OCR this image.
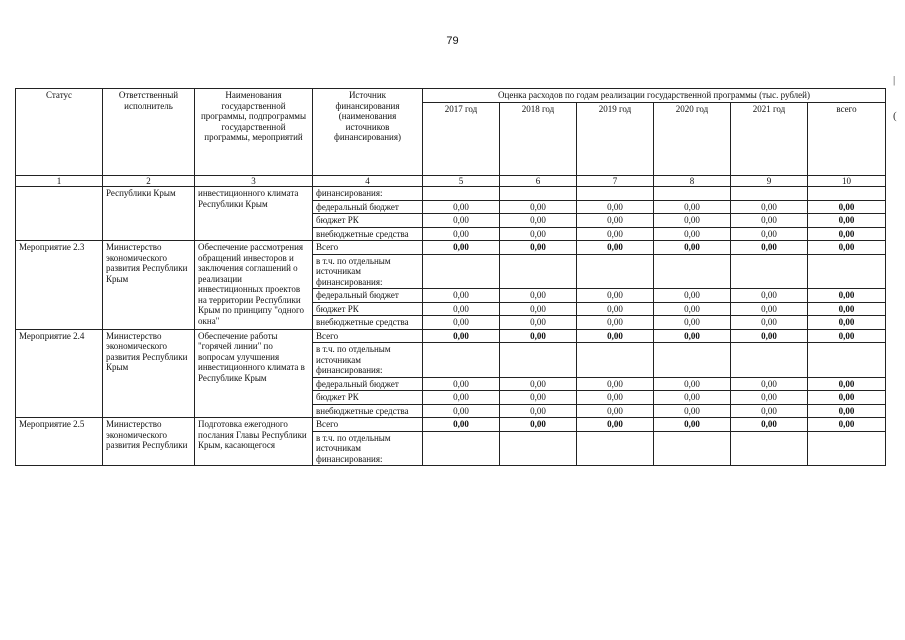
79
Статус	Ответственный исполнитель	Наименования государственной программы, подпрограммы государственной программы, мероприятий	Источник финансирования (наименования источников финансирования)	Оценка расходов по годам реализации государственной программы (тыс. рублей)					
				2017 год	2018 год	2019 год	2020 год	2021 год	всего
1	2	3	4	5	6	7	8	9	10
	Республики Крым	инвестиционного климата Республики Крым	финансирования:						
			федеральный бюджет	0,00	0,00	0,00	0,00	0,00	0,00
			бюджет РК	0,00	0,00	0,00	0,00	0,00	0,00
			внебюджетные средства	0,00	0,00	0,00	0,00	0,00	0,00
Мероприятие 2.3	Министерство экономического развития Республики Крым	Обеспечение рассмотрения обращений инвесторов и заключения соглашений о реализации инвестиционных проектов на территории Республики Крым по принципу "одного окна"	Всего	0,00	0,00	0,00	0,00	0,00	0,00
			в т.ч. по отдельным источникам финансирования:						
			федеральный бюджет	0,00	0,00	0,00	0,00	0,00	0,00
			бюджет РК	0,00	0,00	0,00	0,00	0,00	0,00
			внебюджетные средства	0,00	0,00	0,00	0,00	0,00	0,00
Мероприятие 2.4	Министерство экономического развития Республики Крым	Обеспечение работы "горячей линии" по вопросам улучшения инвестиционного климата в Республике Крым	Всего	0,00	0,00	0,00	0,00	0,00	0,00
			в т.ч. по отдельным источникам финансирования:						
			федеральный бюджет	0,00	0,00	0,00	0,00	0,00	0,00
			бюджет РК	0,00	0,00	0,00	0,00	0,00	0,00
			внебюджетные средства	0,00	0,00	0,00	0,00	0,00	0,00
Мероприятие 2.5	Министерство экономического развития Республики	Подготовка ежегодного послания Главы Республики Крым, касающегося	Всего	0,00	0,00	0,00	0,00	0,00	0,00
			в т.ч. по отдельным источникам финансирования:						
|
(
